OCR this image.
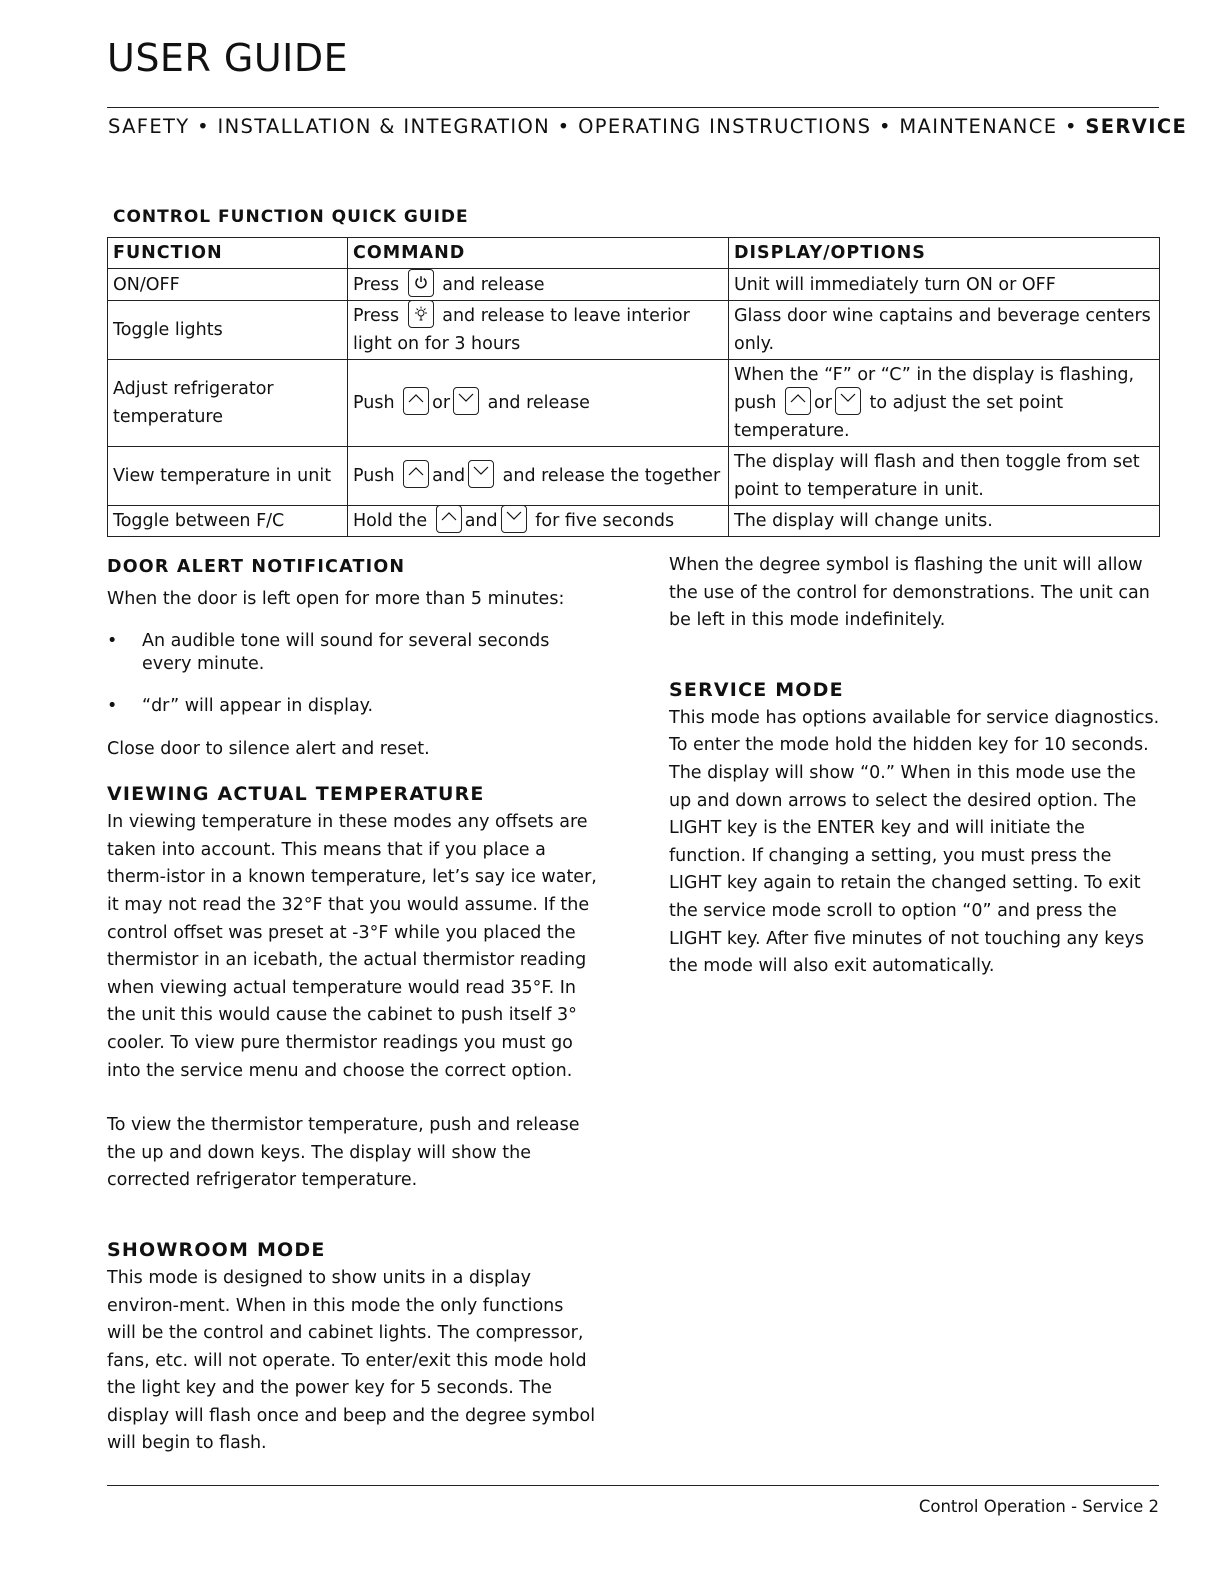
USER GUIDE
SAFETY • INSTALLATION & INTEGRATION • OPERATING INSTRUCTIONS • MAINTENANCE • SERVICE
CONTROL FUNCTION QUICK GUIDE
FUNCTION	COMMAND	DISPLAY/OPTIONS
ON/OFF	Press and release	Unit will immediately turn ON or OFF
Toggle lights	Press and release to leave interior light on for 3 hours	Glass door wine captains and beverage centers only.
Adjust refrigerator temperature	Push or and release	When the “F” or “C” in the display is flashing, push or to adjust the set point temperature.
View temperature in unit	Push and and release the together	The display will flash and then toggle from set point to temperature in unit.
Toggle between F/C	Hold the and for five seconds	The display will change units.
DOOR ALERT NOTIFICATION

When the door is left open for more than 5 minutes:

• An audible tone will sound for several seconds every minute.
• “dr” will appear in display.

Close door to silence alert and reset.

VIEWING ACTUAL TEMPERATURE

In viewing temperature in these modes any offsets are taken into account. This means that if you place a therm-istor in a known temperature, let’s say ice water, it may not read the 32°F that you would assume. If the control offset was preset at -3°F while you placed the thermistor in an icebath, the actual thermistor reading when viewing actual temperature would read 35°F. In the unit this would cause the cabinet to push itself 3° cooler. To view pure thermistor readings you must go into the service menu and choose the correct option.

To view the thermistor temperature, push and release the up and down keys. The display will show the corrected refrigerator temperature.

SHOWROOM MODE

This mode is designed to show units in a display environ-ment. When in this mode the only functions will be the control and cabinet lights. The compressor, fans, etc. will not operate. To enter/exit this mode hold the light key and the power key for 5 seconds. The display will flash once and beep and the degree symbol will begin to flash.

When the degree symbol is flashing the unit will allow the use of the control for demonstrations. The unit can be left in this mode indefinitely.

SERVICE MODE

This mode has options available for service diagnostics. To enter the mode hold the hidden key for 10 seconds. The display will show “0.” When in this mode use the up and down arrows to select the desired option. The LIGHT key is the ENTER key and will initiate the function. If changing a setting, you must press the LIGHT key again to retain the changed setting. To exit the service mode scroll to option “0” and press the LIGHT key. After five minutes of not touching any keys the mode will also exit automatically.

Control Operation - Service 2
